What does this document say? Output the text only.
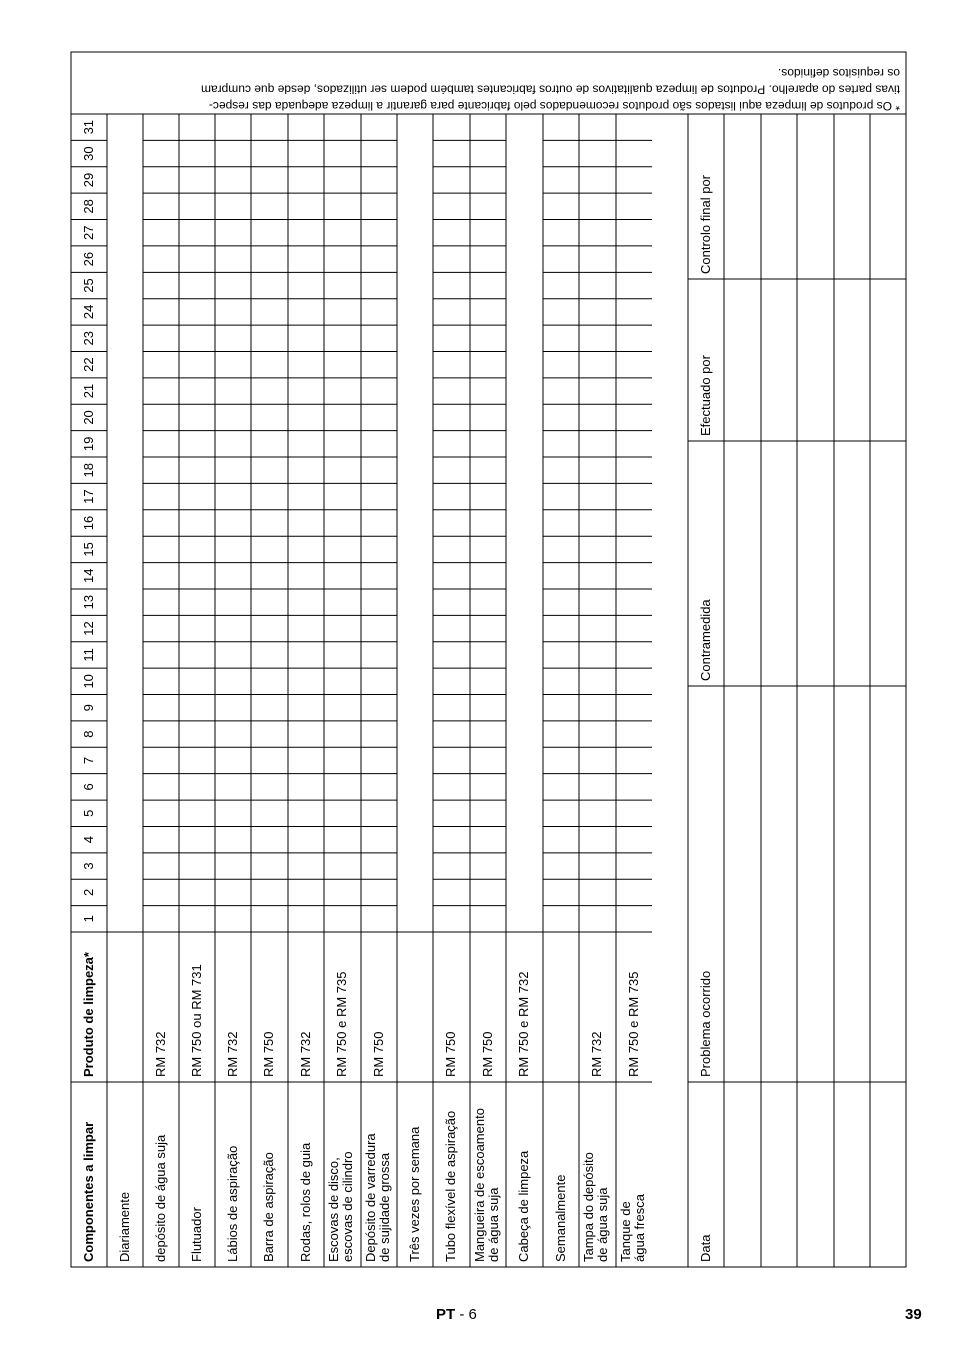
* Os produtos de limpeza aqui listados são produtos recomendados pelo fabricante para garantir a limpeza adequada das respec-
tivas partes do aparelho. Produtos de limpeza qualitativos de outros fabricantes também podem ser utilizados, desde que cumpram
os requisitos definidos.
Componentes a limpar
Produto de limpeza*
1
2
3
4
5
6
7
8
9
10
11
12
13
14
15
16
17
18
19
20
21
22
23
24
25
26
27
28
29
30
31
Diariamente depósito de água suja
RM 732
Flutuador
RM 750 ou RM 731
Lábios de aspiração
RM 732
Barra de aspiração
RM 750
Rodas, rolos de guia
RM 732
Escovas de disco, escovas de cilindro
RM 750 e RM 735
Depósito de varredura de sujidade grossa
RM 750
Três vezes por semana Tubo flexível de aspiração
RM 750
Mangueira de escoamento de água suja
RM 750
Cabeça de limpeza
RM 750 e RM 732
Semanalmente Tampa do depósito de água suja
RM 732
Tanque de água fresca
RM 750 e RM 735
Data
Problema ocorrido
Contramedida
Efectuado por
Controlo final por
PT - 6	39
